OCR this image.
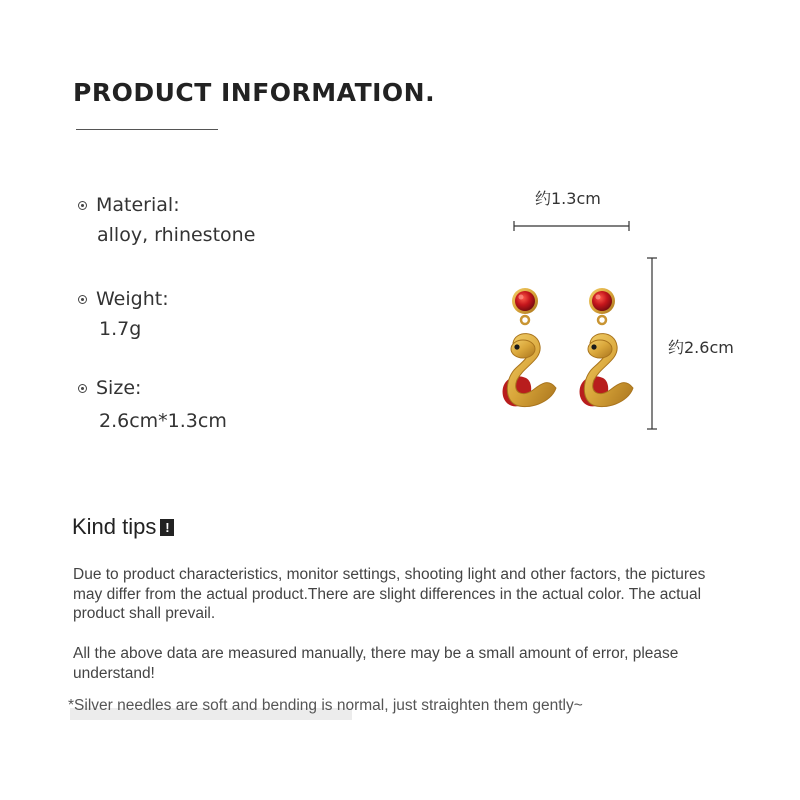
PRODUCT INFORMATION.
Material:
alloy, rhinestone
Weight:
1.7g
Size:
2.6cm*1.3cm
约1.3cm
约2.6cm
Kind tips !
Due to product characteristics, monitor settings, shooting light and other factors, the pictures may differ from the actual product.There are slight differences in the actual color. The actual product shall prevail.
All the above data are measured manually, there may be a small amount of error, please understand!
*Silver needles are soft and bending is normal, just straighten them gently~
